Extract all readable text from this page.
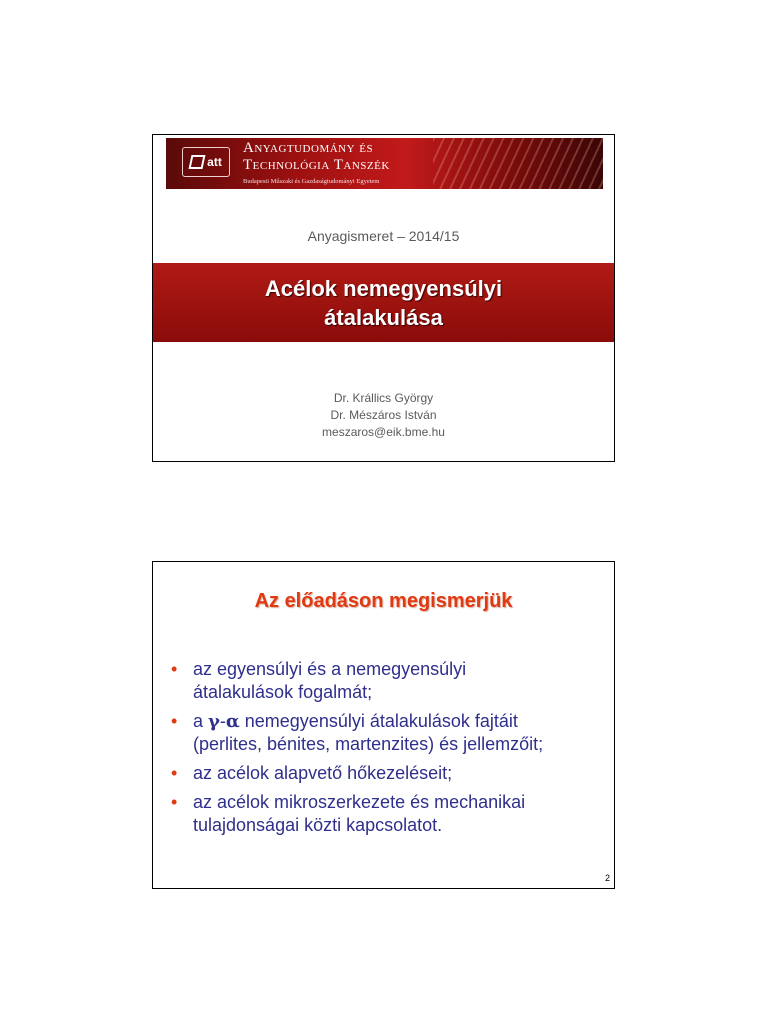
att
Anyagtudomány és
Technológia Tanszék
Budapesti Műszaki és Gazdaságtudományi Egyetem
Anyagismeret – 2014/15
Acélok nemegyensúlyi
átalakulása
Dr. Krállics György
Dr. Mészáros István
meszaros@eik.bme.hu
Az előadáson megismerjük
• az egyensúlyi és a nemegyensúlyi
átalakulások fogalmát;
• a γ-α nemegyensúlyi átalakulások fajtáit
(perlites, bénites, martenzites) és jellemzőit;
• az acélok alapvető hőkezeléseit;
• az acélok mikroszerkezete és mechanikai
tulajdonságai közti kapcsolatot.
2
